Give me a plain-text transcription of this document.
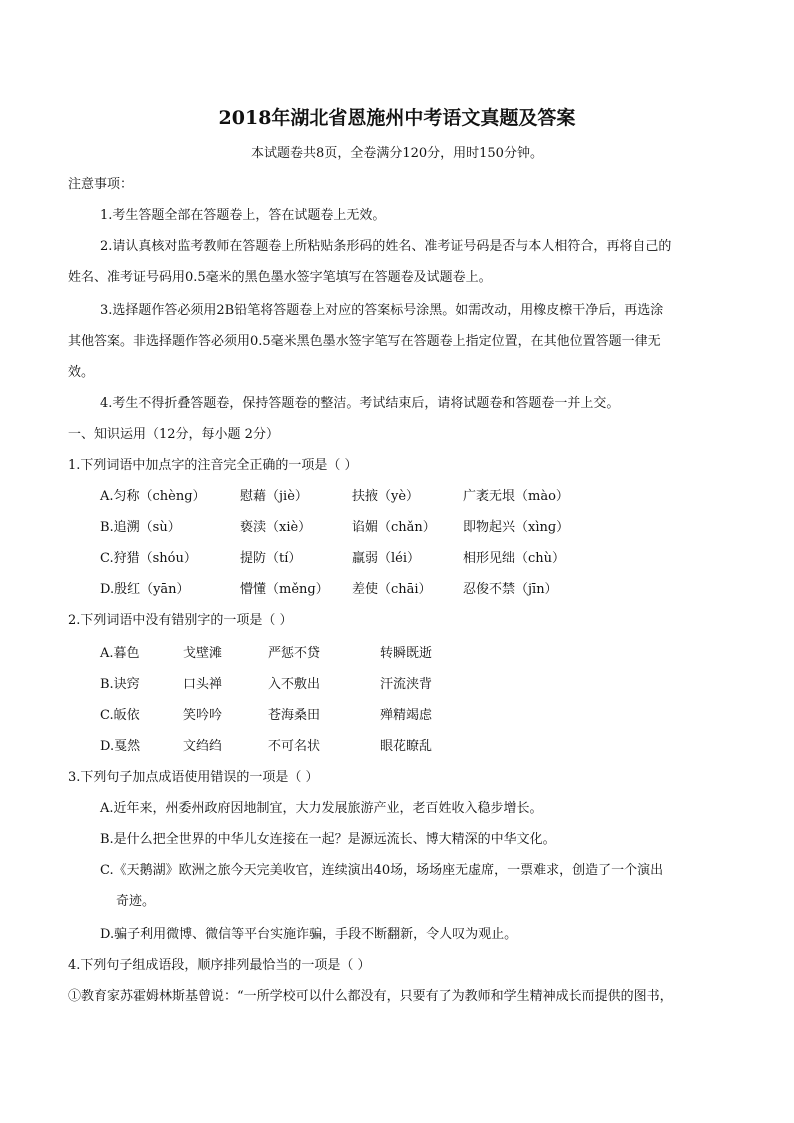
2018年湖北省恩施州中考语文真题及答案
本试题卷共8页，全卷满分120分，用时150分钟。
注意事项：
1.考生答题全部在答题卷上，答在试题卷上无效。
2.请认真核对监考教师在答题卷上所粘贴条形码的姓名、准考证号码是否与本人相符合，再将自己的
姓名、准考证号码用0.5毫米的黑色墨水签字笔填写在答题卷及试题卷上。
3.选择题作答必须用2B铅笔将答题卷上对应的答案标号涂黑。如需改动，用橡皮檫干净后，再选涂
其他答案。非选择题作答必须用0.5毫米黑色墨水签字笔写在答题卷上指定位置，在其他位置答题一律无
效。
4.考生不得折叠答题卷，保持答题卷的整洁。考试结束后，请将试题卷和答题卷一并上交。
一、知识运用（12分，每小题 2分）
1.下列词语中加点字的注音完全正确的一项是（ ）
A.匀称（chènɡ）	慰藉（jiè）	扶掖（yè）	广袤无垠（mào）
B.追溯（sù）	亵渎（xiè）	谄媚（chǎn） 即物起兴（xìnɡ）
C.狩猎（shóu）	提防（tí）	羸弱（léi）	相形见绌（chù）
D.殷红（yān）	懵懂（měnɡ） 差使（chāi） 忍俊不禁（jīn）
2.下列词语中没有错别字的一项是（ ）
A.暮色	戈壁滩	严惩不贷	转瞬既逝
B.诀窍	口头禅	入不敷出	汗流浃背
C.皈依	笑吟吟	苍海桑田	殚精竭虑
D.戛然	文绉绉	不可名状	眼花瞭乱
3.下列句子加点成语使用错误的一项是（ ）
A.近年来，州委州政府因地制宜，大力发展旅游产业，老百姓收入稳步增长。
B.是什么把全世界的中华儿女连接在一起？是源远流长、博大精深的中华文化。
C.《天鹅湖》欧洲之旅今天完美收官，连续演出40场，场场座无虚席，一票难求，创造了一个演出
奇迹。
D.骗子利用微博、微信等平台实施诈骗，手段不断翻新，令人叹为观止。
4.下列句子组成语段，顺序排列最恰当的一项是（ ）
①教育家苏霍姆林斯基曾说：“一所学校可以什么都没有，只要有了为教师和学生精神成长而提供的图书，
